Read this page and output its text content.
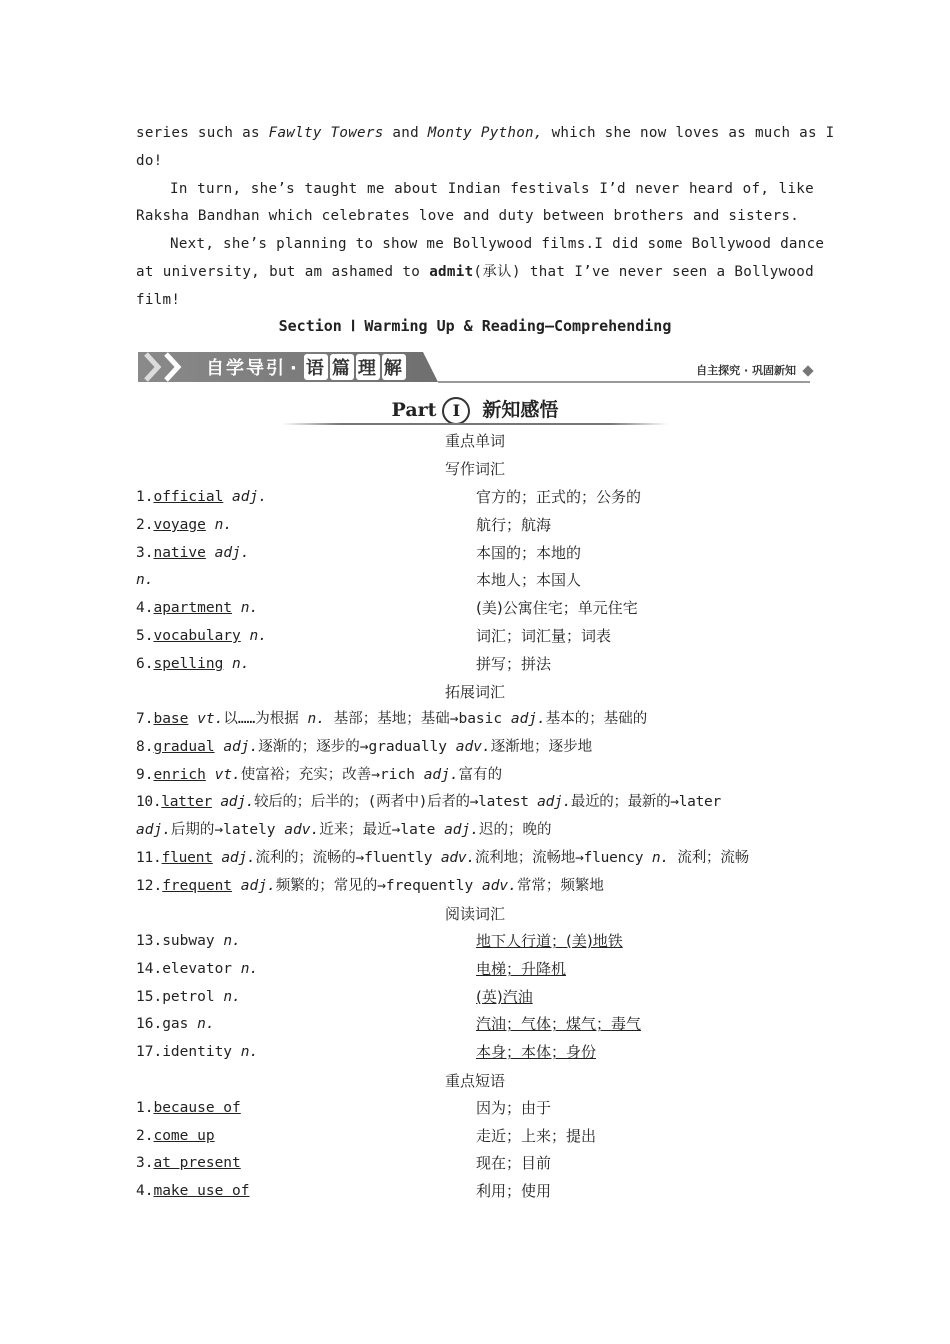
series such as Fawlty Towers and Monty Python, which she now loves as much as I
do!
In turn, she’s taught me about Indian festivals I’d never heard of, like
Raksha Bandhan which celebrates love and duty between brothers and sisters.
Next, she’s planning to show me Bollywood films.I did some Bollywood dance
at university, but am ashamed to admit(承认) that I’ve never seen a Bollywood
film!
Section Ⅰ Warming Up & Reading—Comprehending
自学导引 · 语 篇 理 解	自主探究 · 巩固新知
Part I 新知感悟
重点单词
写作词汇
1.official adj.	官方的；正式的；公务的
2.voyage n.	航行；航海
3.native adj.	本国的；本地的
n.	本地人；本国人
4.apartment n.	(美)公寓住宅；单元住宅
5.vocabulary n.	词汇；词汇量；词表
6.spelling n.	拼写；拼法
拓展词汇
7.base vt.以……为根据 n. 基部；基地；基础→basic adj.基本的；基础的
8.gradual adj.逐渐的；逐步的→gradually adv.逐渐地；逐步地
9.enrich vt.使富裕；充实；改善→rich adj.富有的
10.latter adj.较后的；后半的；(两者中)后者的→latest adj.最近的；最新的→later
adj.后期的→lately adv.近来；最近→late adj.迟的；晚的
11.fluent adj.流利的；流畅的→fluently adv.流利地；流畅地→fluency n. 流利；流畅
12.frequent adj.频繁的；常见的→frequently adv.常常；频繁地
阅读词汇
13.subway n.	地下人行道；(美)地铁
14.elevator n.	电梯；升降机
15.petrol n.	(英)汽油
16.gas n.	汽油；气体；煤气；毒气
17.identity n.	本身；本体；身份
重点短语
1.because of	因为；由于
2.come up	走近；上来；提出
3.at present	现在；目前
4.make use of	利用；使用
